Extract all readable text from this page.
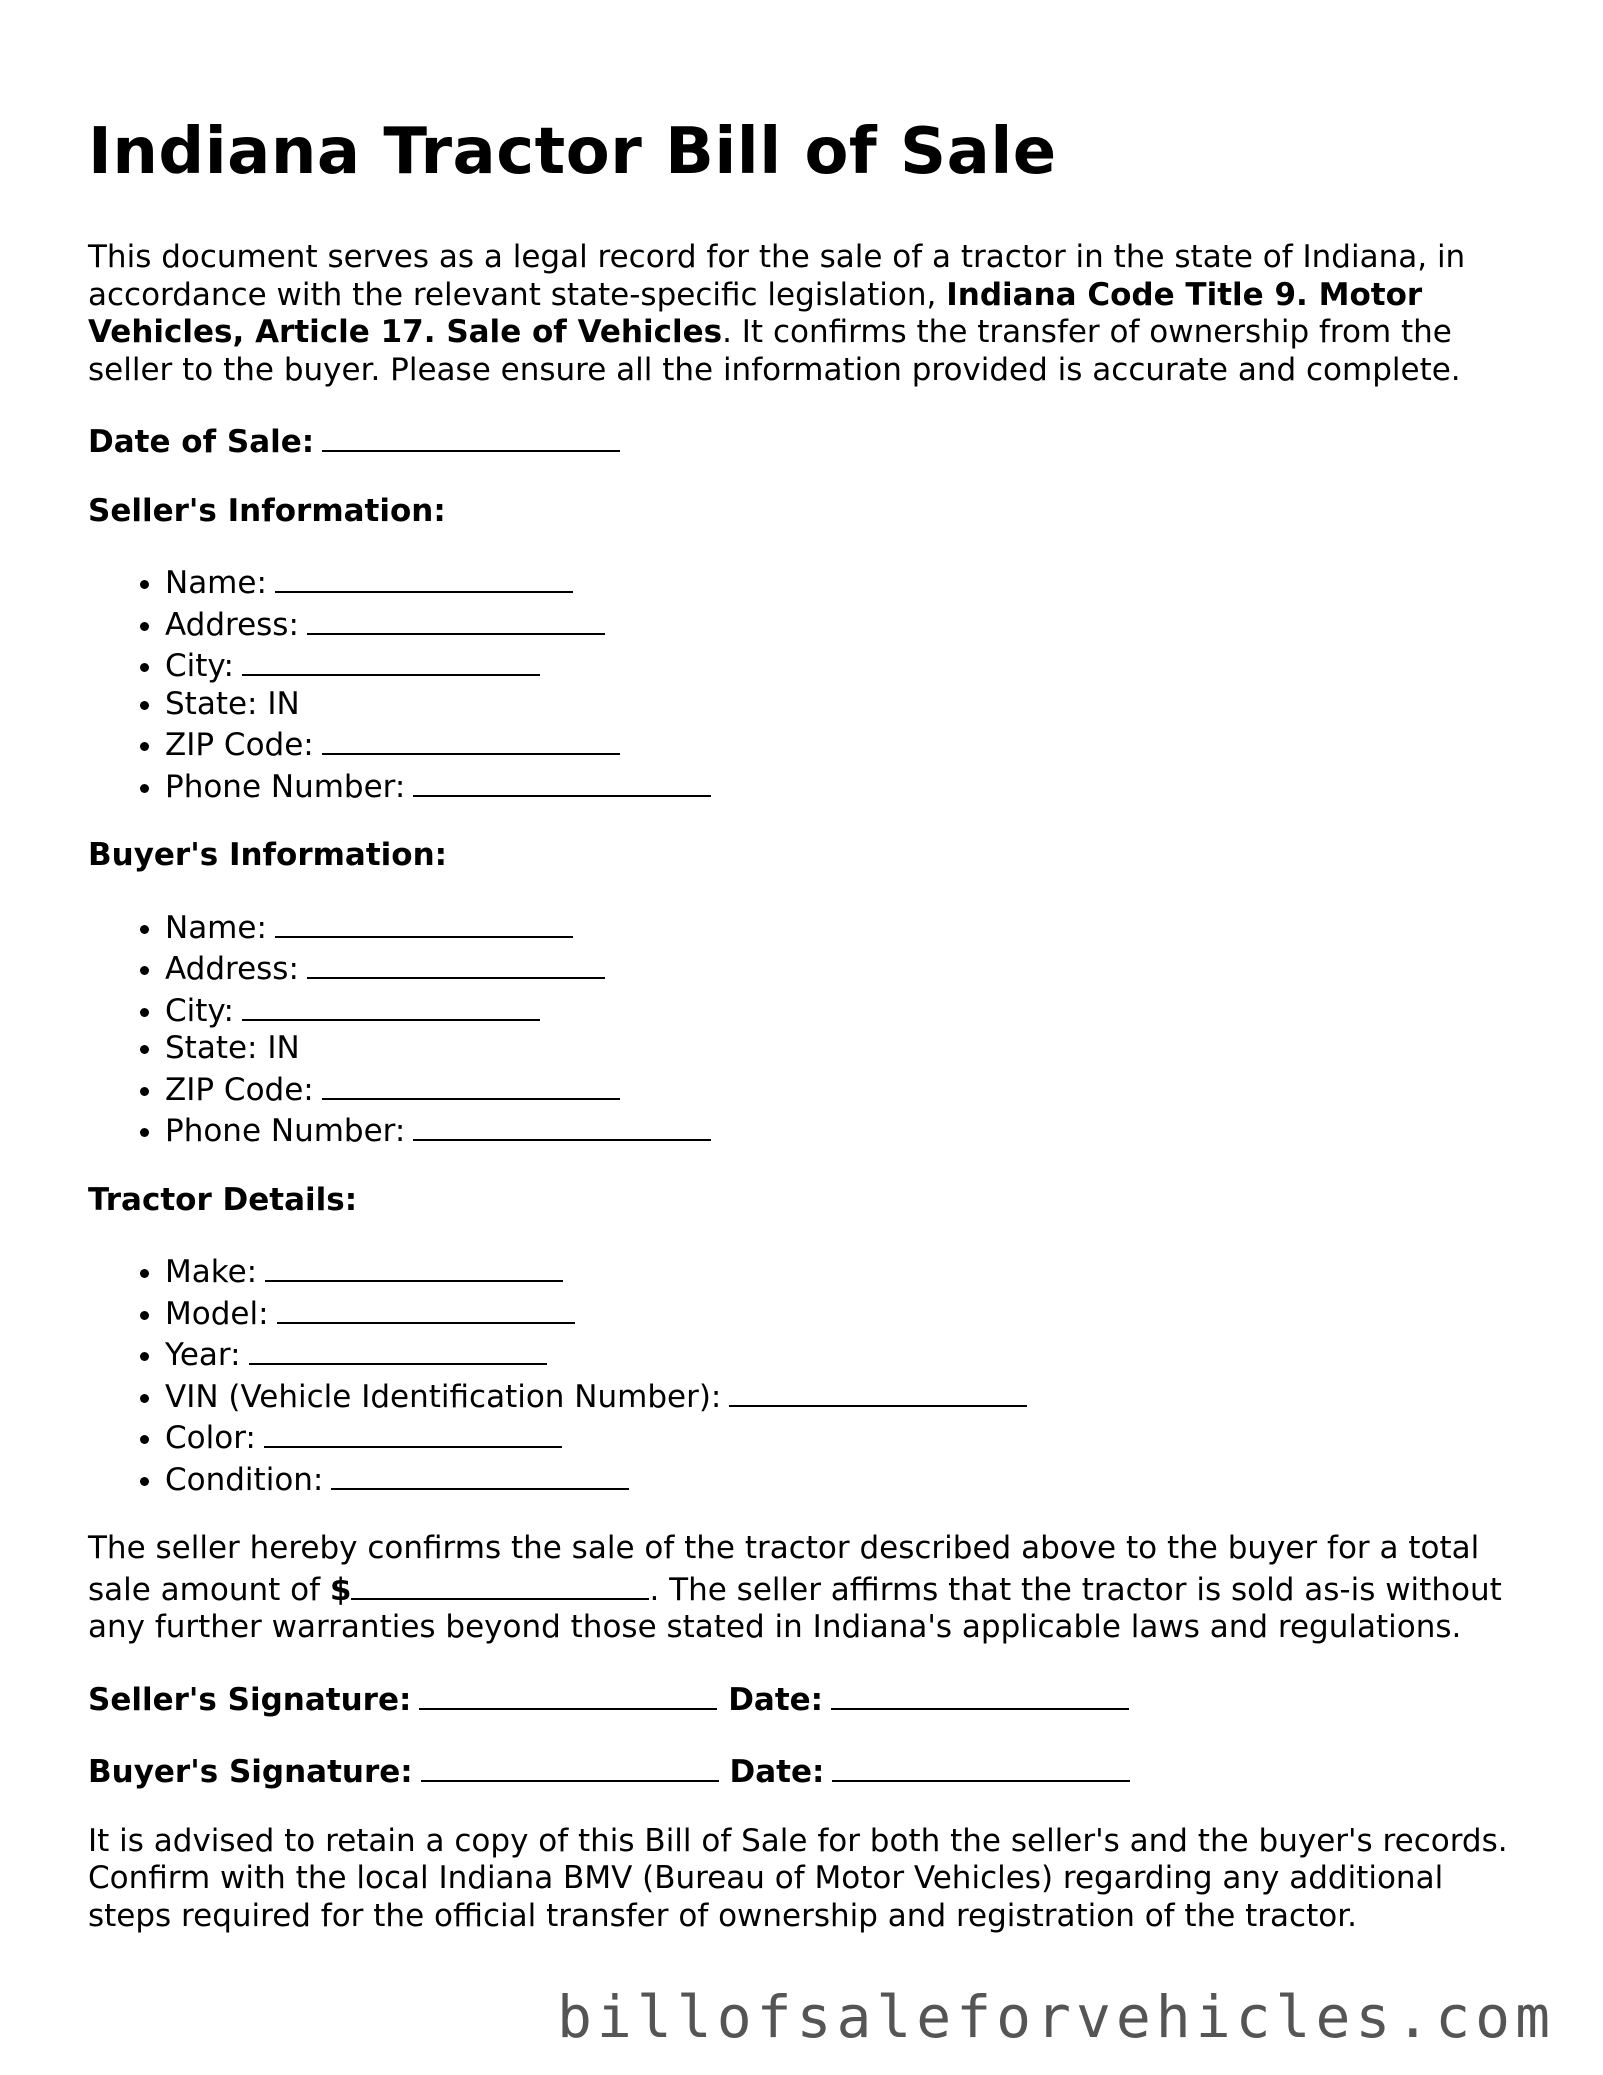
Indiana Tractor Bill of Sale

This document serves as a legal record for the sale of a tractor in the state of Indiana, in accordance with the relevant state-specific legislation, Indiana Code Title 9. Motor Vehicles, Article 17. Sale of Vehicles. It confirms the transfer of ownership from the seller to the buyer. Please ensure all the information provided is accurate and complete.

Date of Sale:
Seller's Information:
• Name:
• Address:
• City:
• State: IN
• ZIP Code:
• Phone Number:
Buyer's Information:
• Name:
• Address:
• City:
• State: IN
• ZIP Code:
• Phone Number:
Tractor Details:
• Make:
• Model:
• Year:
• VIN (Vehicle Identification Number):
• Color:
• Condition:

The seller hereby confirms the sale of the tractor described above to the buyer for a total sale amount of $	. The seller affirms that the tractor is sold as-is without any further warranties beyond those stated in Indiana's applicable laws and regulations.

Seller's Signature:	Date:
Buyer's Signature:	Date:

It is advised to retain a copy of this Bill of Sale for both the seller's and the buyer's records. Confirm with the local Indiana BMV (Bureau of Motor Vehicles) regarding any additional steps required for the official transfer of ownership and registration of the tractor.

billofsaleforvehicles.com
